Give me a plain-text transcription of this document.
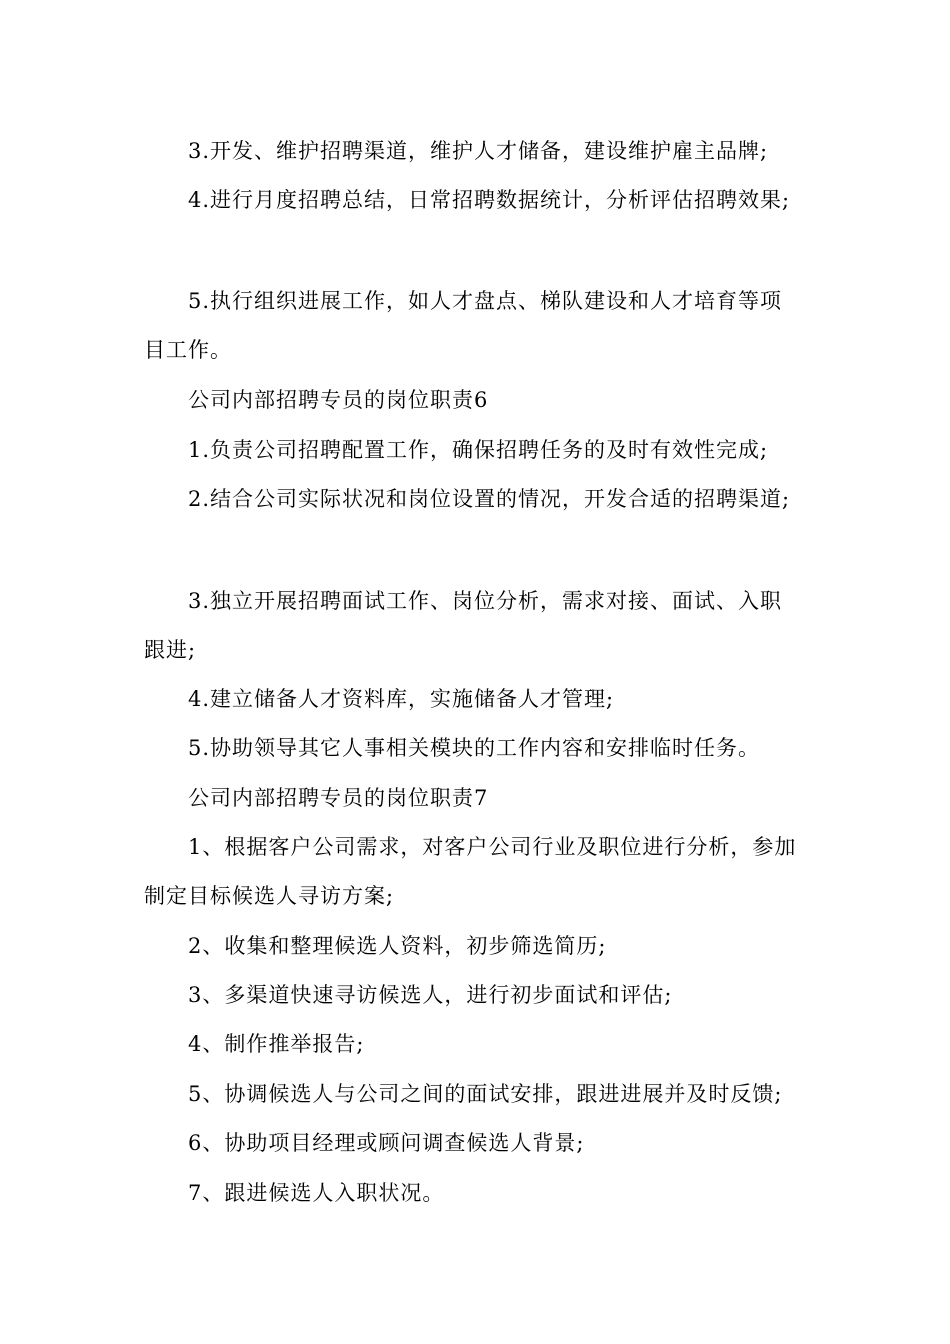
3.开发、维护招聘渠道，维护人才储备，建设维护雇主品牌;
4.进行月度招聘总结，日常招聘数据统计，分析评估招聘效果;
5.执行组织进展工作，如人才盘点、梯队建设和人才培育等项
目工作。
公司内部招聘专员的岗位职责6
1.负责公司招聘配置工作，确保招聘任务的及时有效性完成;
2.结合公司实际状况和岗位设置的情况，开发合适的招聘渠道;
3.独立开展招聘面试工作、岗位分析，需求对接、面试、入职
跟进;
4.建立储备人才资料库，实施储备人才管理;
5.协助领导其它人事相关模块的工作内容和安排临时任务。
公司内部招聘专员的岗位职责7
1、根据客户公司需求，对客户公司行业及职位进行分析，参加
制定目标候选人寻访方案;
2、收集和整理候选人资料，初步筛选简历;
3、多渠道快速寻访候选人，进行初步面试和评估;
4、制作推举报告;
5、协调候选人与公司之间的面试安排，跟进进展并及时反馈;
6、协助项目经理或顾问调查候选人背景;
7、跟进候选人入职状况。
